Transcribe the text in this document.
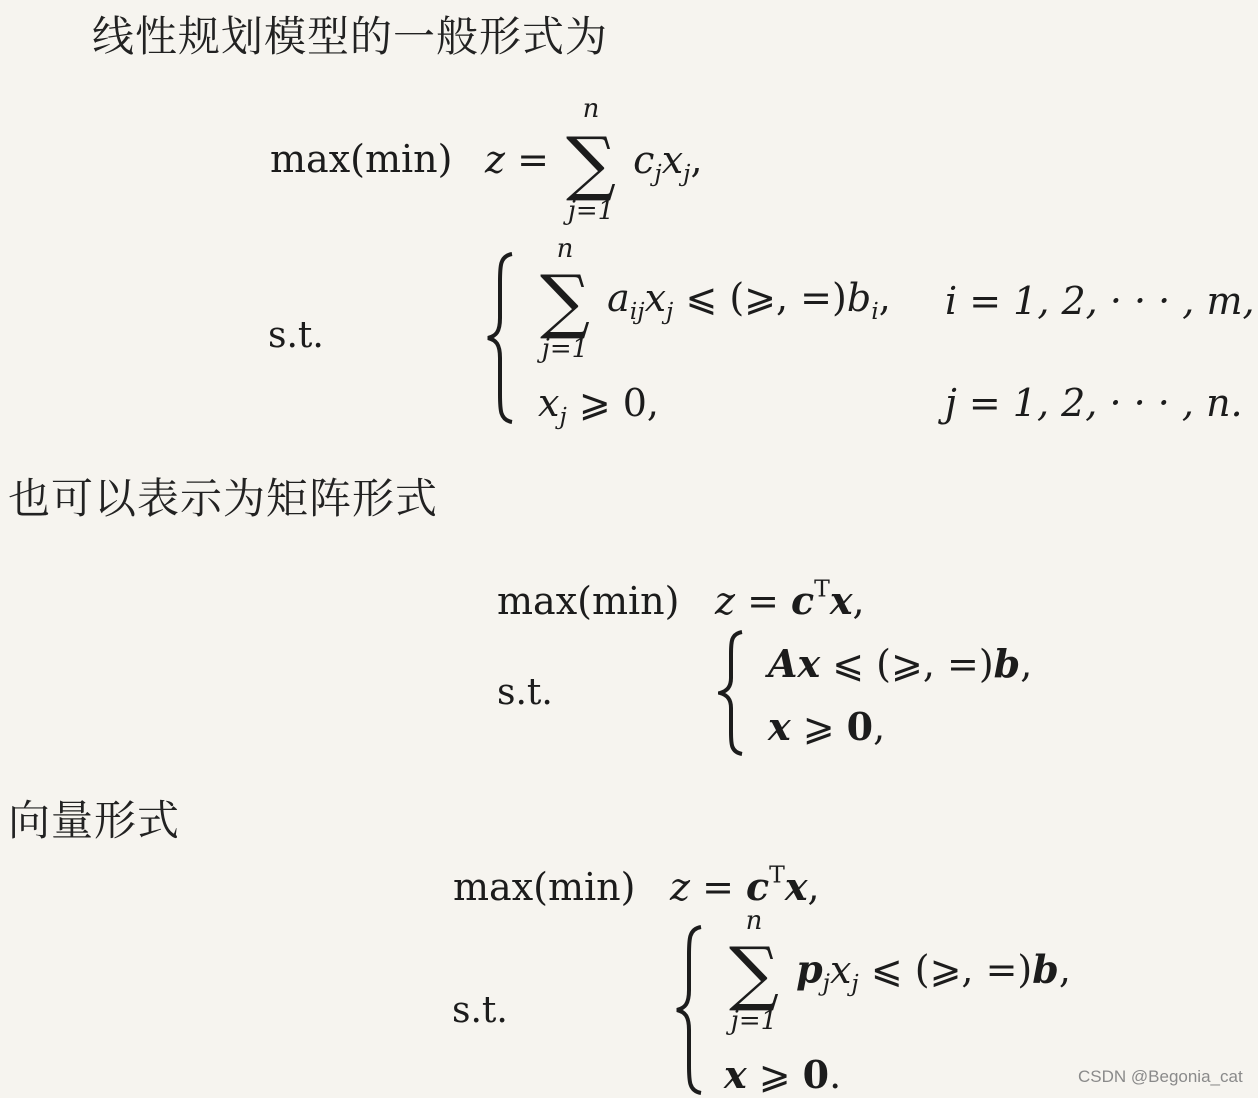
线性规划模型的一般形式为
max(min) z =
n
∑
j=1
$c_jx_j$,
s.t.
n
∑
j=1
$a_{ij}x_j$ ⩽ (⩾, $=)b_i$, i = 1, 2, · · · , m,
$x_j$ ⩾ 0,	j = 1, 2, · · · , n.
也可以表示为矩阵形式
max(min) $z = c^Tx$,
s.t.
Ax ⩽ (⩾, =)b,
x ⩾ 0,
向量形式
max(min) $z = c^Tx$,
s.t.
n
∑
j=1
$p_jx_j$ ⩽ (⩾, =)b,
x ⩾ 0.	CSDN @Begonia_cat
